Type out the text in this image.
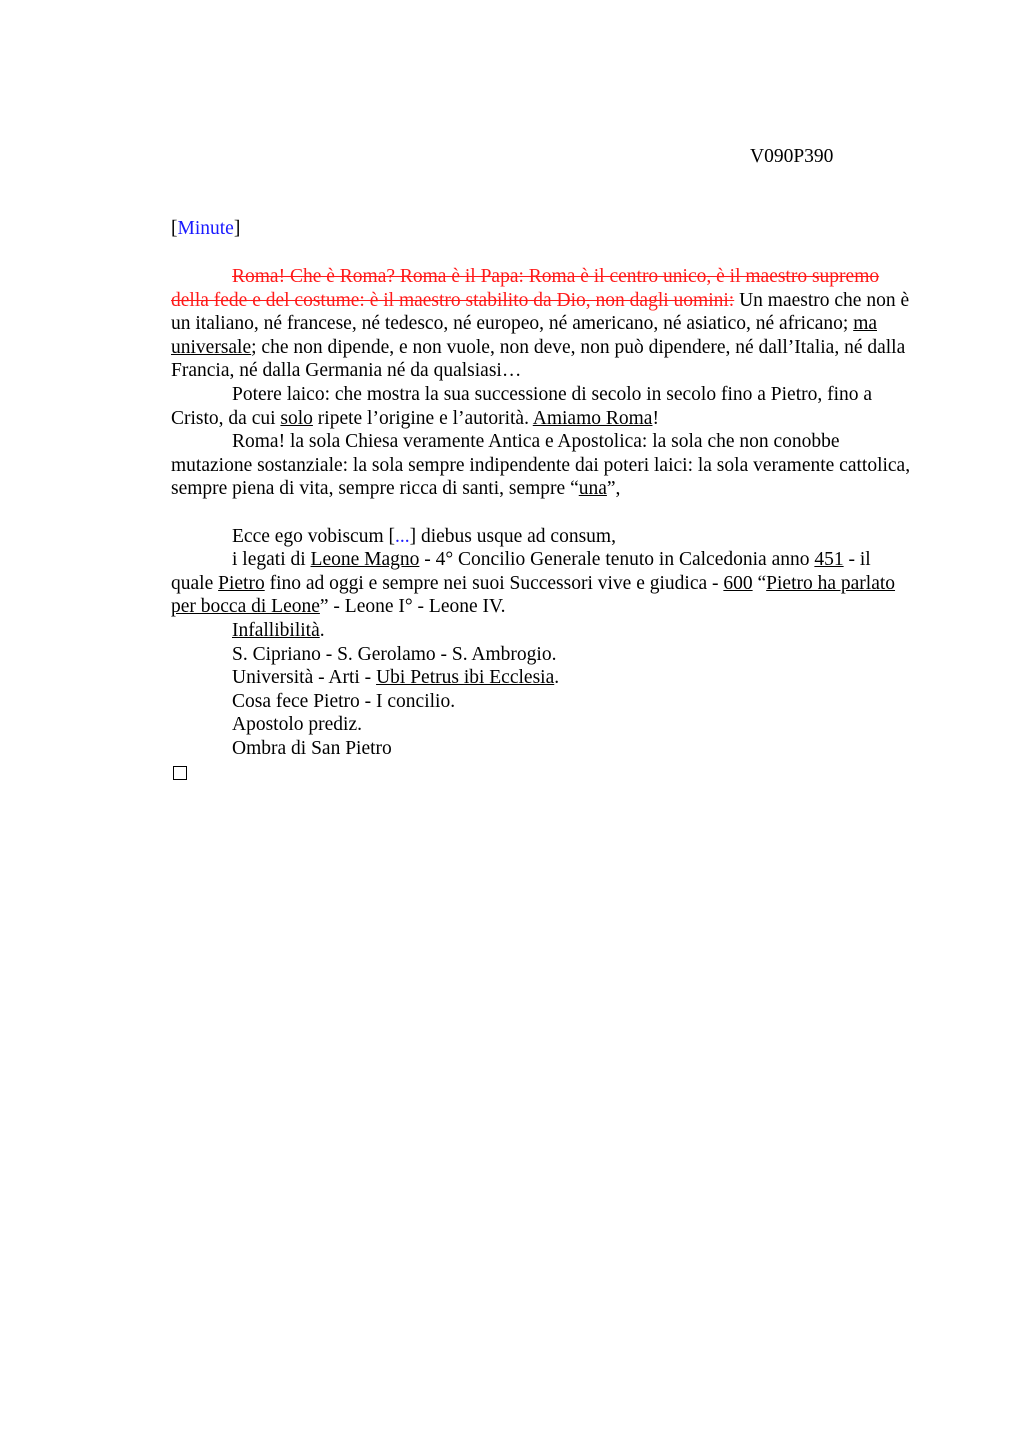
V090P390
[Minute]

Roma! Che è Roma? Roma è il Papa: Roma è il centro unico, è il maestro supremo della fede e del costume: è il maestro stabilito da Dio, non dagli uomini: Un maestro che non è un italiano, né francese, né tedesco, né europeo, né americano, né asiatico, né africano; ma universale; che non dipende, e non vuole, non deve, non può dipendere, né dall’Italia, né dalla Francia, né dalla Germania né da qualsiasi…

Potere laico: che mostra la sua successione di secolo in secolo fino a Pietro, fino a Cristo, da cui solo ripete l’origine e l’autorità. Amiamo Roma!

Roma! la sola Chiesa veramente Antica e Apostolica: la sola che non conobbe mutazione sostanziale: la sola sempre indipendente dai poteri laici: la sola veramente cattolica, sempre piena di vita, sempre ricca di santi, sempre “una”,

Ecce ego vobiscum [...] diebus usque ad consum,

i legati di Leone Magno - 4° Concilio Generale tenuto in Calcedonia anno 451 - il quale Pietro fino ad oggi e sempre nei suoi Successori vive e giudica - 600 “Pietro ha parlato per bocca di Leone” - Leone I° - Leone IV.

Infallibilità.

S. Cipriano - S. Gerolamo - S. Ambrogio.

Università - Arti - Ubi Petrus ibi Ecclesia.

Cosa fece Pietro - I concilio.

Apostolo prediz.

Ombra di San Pietro
